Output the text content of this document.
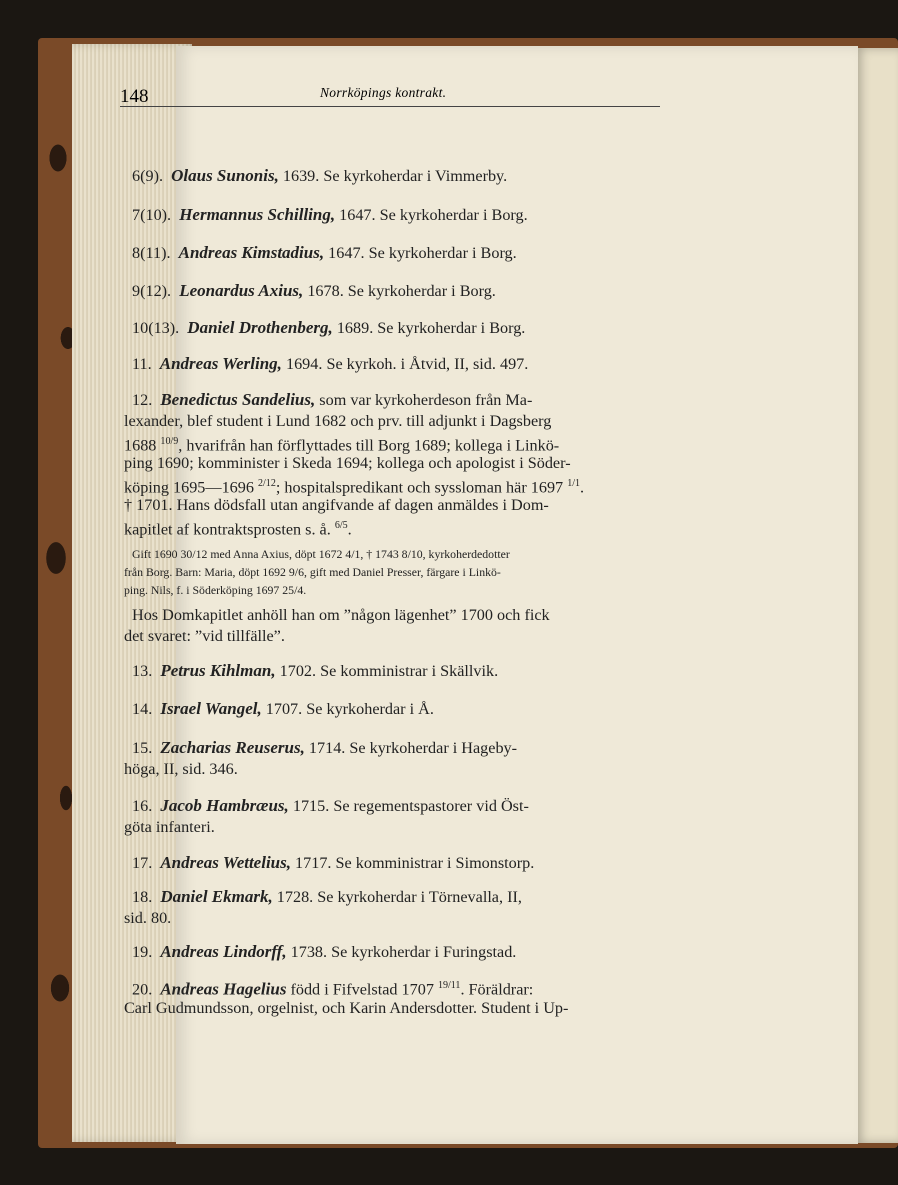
148	Norrköpings kontrakt.
6(9). Olaus Sunonis, 1639. Se kyrkoherdar i Vimmerby.
7(10). Hermannus Schilling, 1647. Se kyrkoherdar i Borg.
8(11). Andreas Kimstadius, 1647. Se kyrkoherdar i Borg.
9(12). Leonardus Axius, 1678. Se kyrkoherdar i Borg.
10(13). Daniel Drothenberg, 1689. Se kyrkoherdar i Borg.
11. Andreas Werling, 1694. Se kyrkoh. i Åtvid, II, sid. 497.
12. Benedictus Sandelius, som var kyrkoherdeson från Ma-
lexander, blef student i Lund 1682 och prv. till adjunkt i Dagsberg
1688 $^{10/9}$, hvarifrån han förflyttades till Borg 1689; kollega i Linkö-
ping 1690; komminister i Skeda 1694; kollega och apologist i Söder-
köping 1695—1696 $^{2/12}$; hospitalspredikant och syssloman här 1697 $^{1/1}$.
† 1701. Hans dödsfall utan angifvande af dagen anmäldes i Dom-
kapitlet af kontraktsprosten s. å. $^{6/5}$.
Gift 1690 30/12 med Anna Axius, döpt 1672 4/1, † 1743 8/10, kyrkoherdedotter
från Borg. Barn: Maria, döpt 1692 9/6, gift med Daniel Presser, färgare i Linkö-
ping. Nils, f. i Söderköping 1697 25/4.
Hos Domkapitlet anhöll han om ”någon lägenhet” 1700 och fick
det svaret: ”vid tillfälle”.
13. Petrus Kihlman, 1702. Se komministrar i Skällvik.
14. Israel Wangel, 1707. Se kyrkoherdar i Å.
15. Zacharias Reuserus, 1714. Se kyrkoherdar i Hageby-
höga, II, sid. 346.
16. Jacob Hambræus, 1715. Se regementspastorer vid Öst-
göta infanteri.
17. Andreas Wettelius, 1717. Se komministrar i Simonstorp.
18. Daniel Ekmark, 1728. Se kyrkoherdar i Törnevalla, II,
sid. 80.
19. Andreas Lindorff, 1738. Se kyrkoherdar i Furingstad.
20. Andreas Hagelius född i Fifvelstad 1707 $^{19/11}$. Föräldrar:
Carl Gudmundsson, orgelnist, och Karin Andersdotter. Student i Up-
